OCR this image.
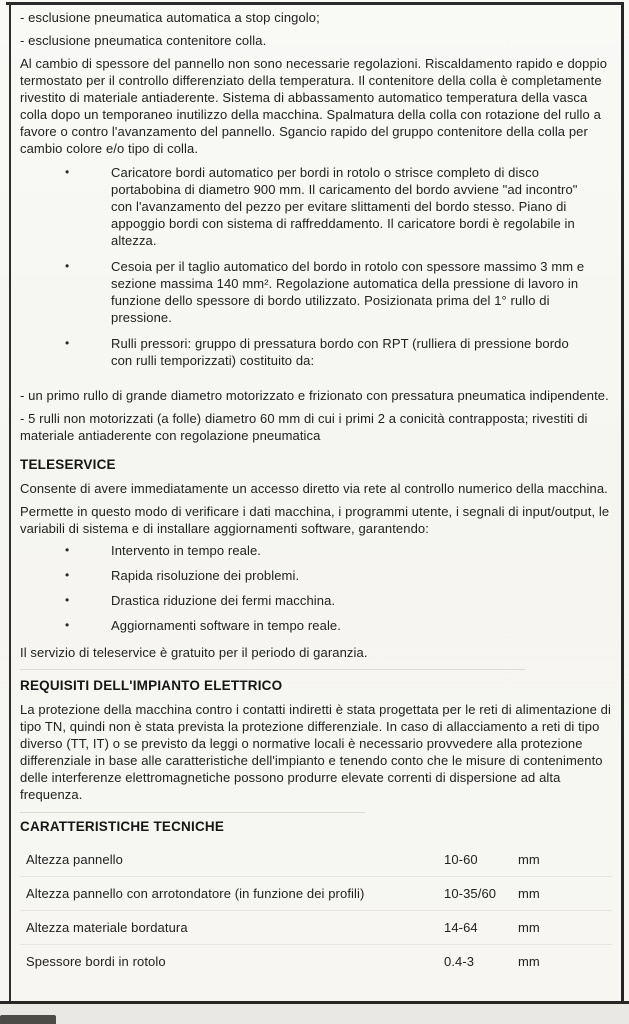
- esclusione pneumatica automatica a stop cingolo;

- esclusione pneumatica contenitore colla.

Al cambio di spessore del pannello non sono necessarie regolazioni. Riscaldamento rapido e doppio termostato per il controllo differenziato della temperatura. Il contenitore della colla è completamente rivestito di materiale antiaderente. Sistema di abbassamento automatico temperatura della vasca colla dopo un temporaneo inutilizzo della macchina. Spalmatura della colla con rotazione del rullo a favore o contro l'avanzamento del pannello. Sgancio rapido del gruppo contenitore della colla per cambio colore e/o tipo di colla.

•	Caricatore bordi automatico per bordi in rotolo o strisce completo di disco portabobina di diametro 900 mm. Il caricamento del bordo avviene "ad incontro" con l'avanzamento del pezzo per evitare slittamenti del bordo stesso. Piano di appoggio bordi con sistema di raffreddamento. Il caricatore bordi è regolabile in altezza.
•	Cesoia per il taglio automatico del bordo in rotolo con spessore massimo 3 mm e sezione massima 140 mm². Regolazione automatica della pressione di lavoro in funzione dello spessore di bordo utilizzato. Posizionata prima del 1° rullo di pressione.
•	Rulli pressori: gruppo di pressatura bordo con RPT (rulliera di pressione bordo con rulli temporizzati) costituito da:

- un primo rullo di grande diametro motorizzato e frizionato con pressatura pneumatica indipendente.

- 5 rulli non motorizzati (a folle) diametro 60 mm di cui i primi 2 a conicità contrapposta; rivestiti di materiale antiaderente con regolazione pneumatica

TELESERVICE

Consente di avere immediatamente un accesso diretto via rete al controllo numerico della macchina.

Permette in questo modo di verificare i dati macchina, i programmi utente, i segnali di input/output, le variabili di sistema e di installare aggiornamenti software, garantendo:

•	Intervento in tempo reale.
•	Rapida risoluzione dei problemi.
•	Drastica riduzione dei fermi macchina.
•	Aggiornamenti software in tempo reale.

Il servizio di teleservice è gratuito per il periodo di garanzia.

REQUISITI DELL'IMPIANTO ELETTRICO

La protezione della macchina contro i contatti indiretti è stata progettata per le reti di alimentazione di tipo TN, quindi non è stata prevista la protezione differenziale. In caso di allacciamento a reti di tipo diverso (TT, IT) o se previsto da leggi o normative locali è necessario provvedere alla protezione differenziale in base alle caratteristiche dell'impianto e tenendo conto che le misure di contenimento delle interferenze elettromagnetiche possono produrre elevate correnti di dispersione ad alta frequenza.

CARATTERISTICHE TECNICHE
Altezza pannello	10-60	mm
Altezza pannello con arrotondatore (in funzione dei profili)	10-35/60	mm
Altezza materiale bordatura	14-64	mm
Spessore bordi in rotolo	0.4-3	mm
